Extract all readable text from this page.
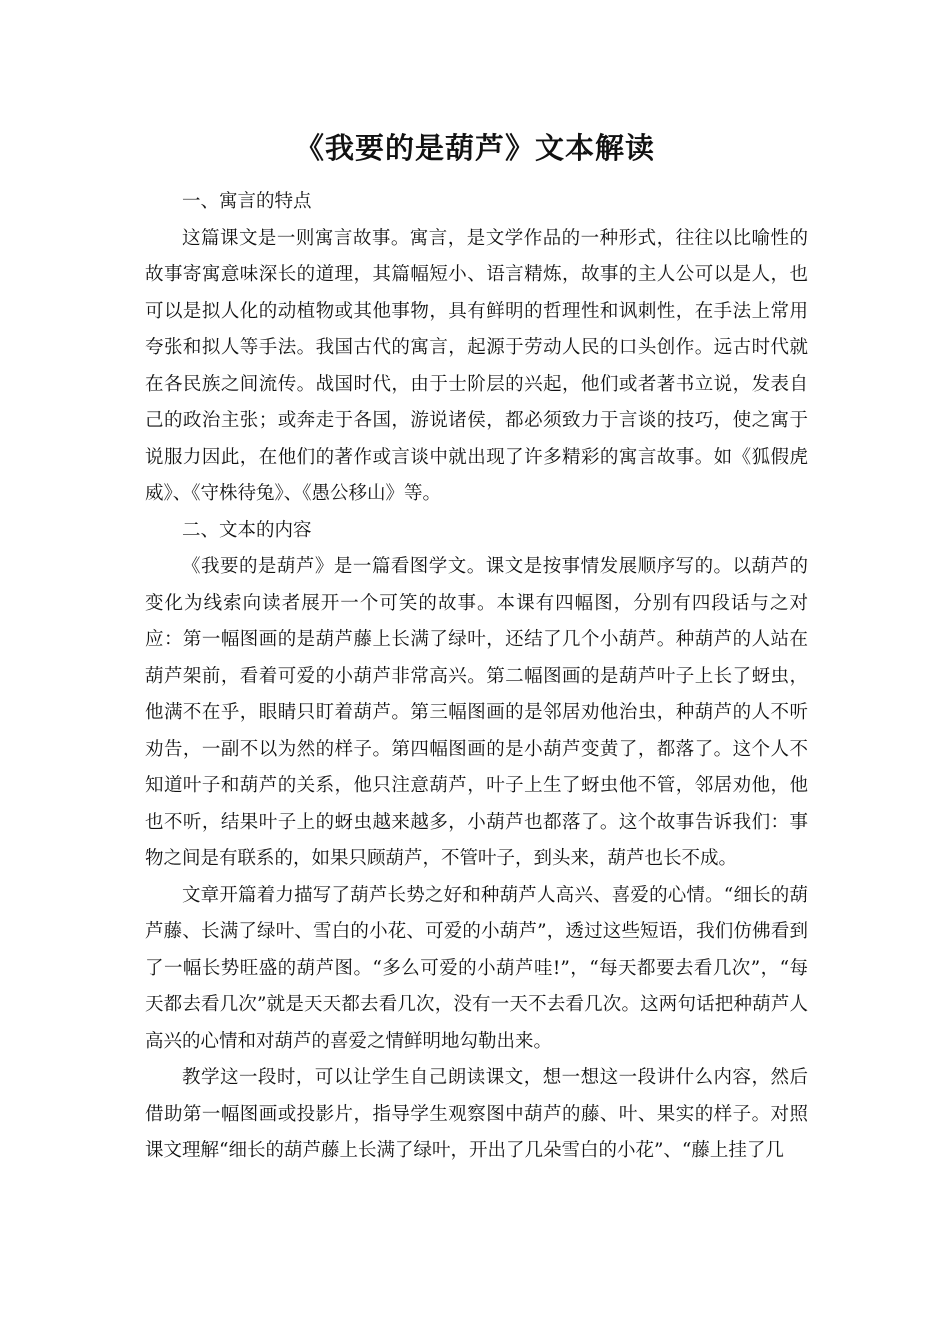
《我要的是葫芦》文本解读

一、寓言的特点

这篇课文是一则寓言故事。寓言，是文学作品的一种形式，往往以比喻性的故事寄寓意味深长的道理，其篇幅短小、语言精炼，故事的主人公可以是人，也可以是拟人化的动植物或其他事物，具有鲜明的哲理性和讽刺性，在手法上常用夸张和拟人等手法。我国古代的寓言，起源于劳动人民的口头创作。远古时代就在各民族之间流传。战国时代，由于士阶层的兴起，他们或者著书立说，发表自己的政治主张；或奔走于各国，游说诸侯，都必须致力于言谈的技巧，使之寓于说服力因此，在他们的著作或言谈中就出现了许多精彩的寓言故事。如《狐假虎威》、《守株待兔》、《愚公移山》等。

二、文本的内容

《我要的是葫芦》是一篇看图学文。课文是按事情发展顺序写的。以葫芦的变化为线索向读者展开一个可笑的故事。本课有四幅图，分别有四段话与之对应：第一幅图画的是葫芦藤上长满了绿叶，还结了几个小葫芦。种葫芦的人站在葫芦架前，看着可爱的小葫芦非常高兴。第二幅图画的是葫芦叶子上长了蚜虫，他满不在乎，眼睛只盯着葫芦。第三幅图画的是邻居劝他治虫，种葫芦的人不听劝告，一副不以为然的样子。第四幅图画的是小葫芦变黄了，都落了。这个人不知道叶子和葫芦的关系，他只注意葫芦，叶子上生了蚜虫他不管，邻居劝他，他也不听，结果叶子上的蚜虫越来越多，小葫芦也都落了。这个故事告诉我们：事物之间是有联系的，如果只顾葫芦，不管叶子，到头来，葫芦也长不成。

文章开篇着力描写了葫芦长势之好和种葫芦人高兴、喜爱的心情。“细长的葫芦藤、长满了绿叶、雪白的小花、可爱的小葫芦”，透过这些短语，我们仿佛看到了一幅长势旺盛的葫芦图。“多么可爱的小葫芦哇!”，“每天都要去看几次”，“每天都去看几次”就是天天都去看几次，没有一天不去看几次。这两句话把种葫芦人高兴的心情和对葫芦的喜爱之情鲜明地勾勒出来。

教学这一段时，可以让学生自己朗读课文，想一想这一段讲什么内容，然后借助第一幅图画或投影片，指导学生观察图中葫芦的藤、叶、果实的样子。对照课文理解“细长的葫芦藤上长满了绿叶，开出了几朵雪白的小花”、“藤上挂了几
